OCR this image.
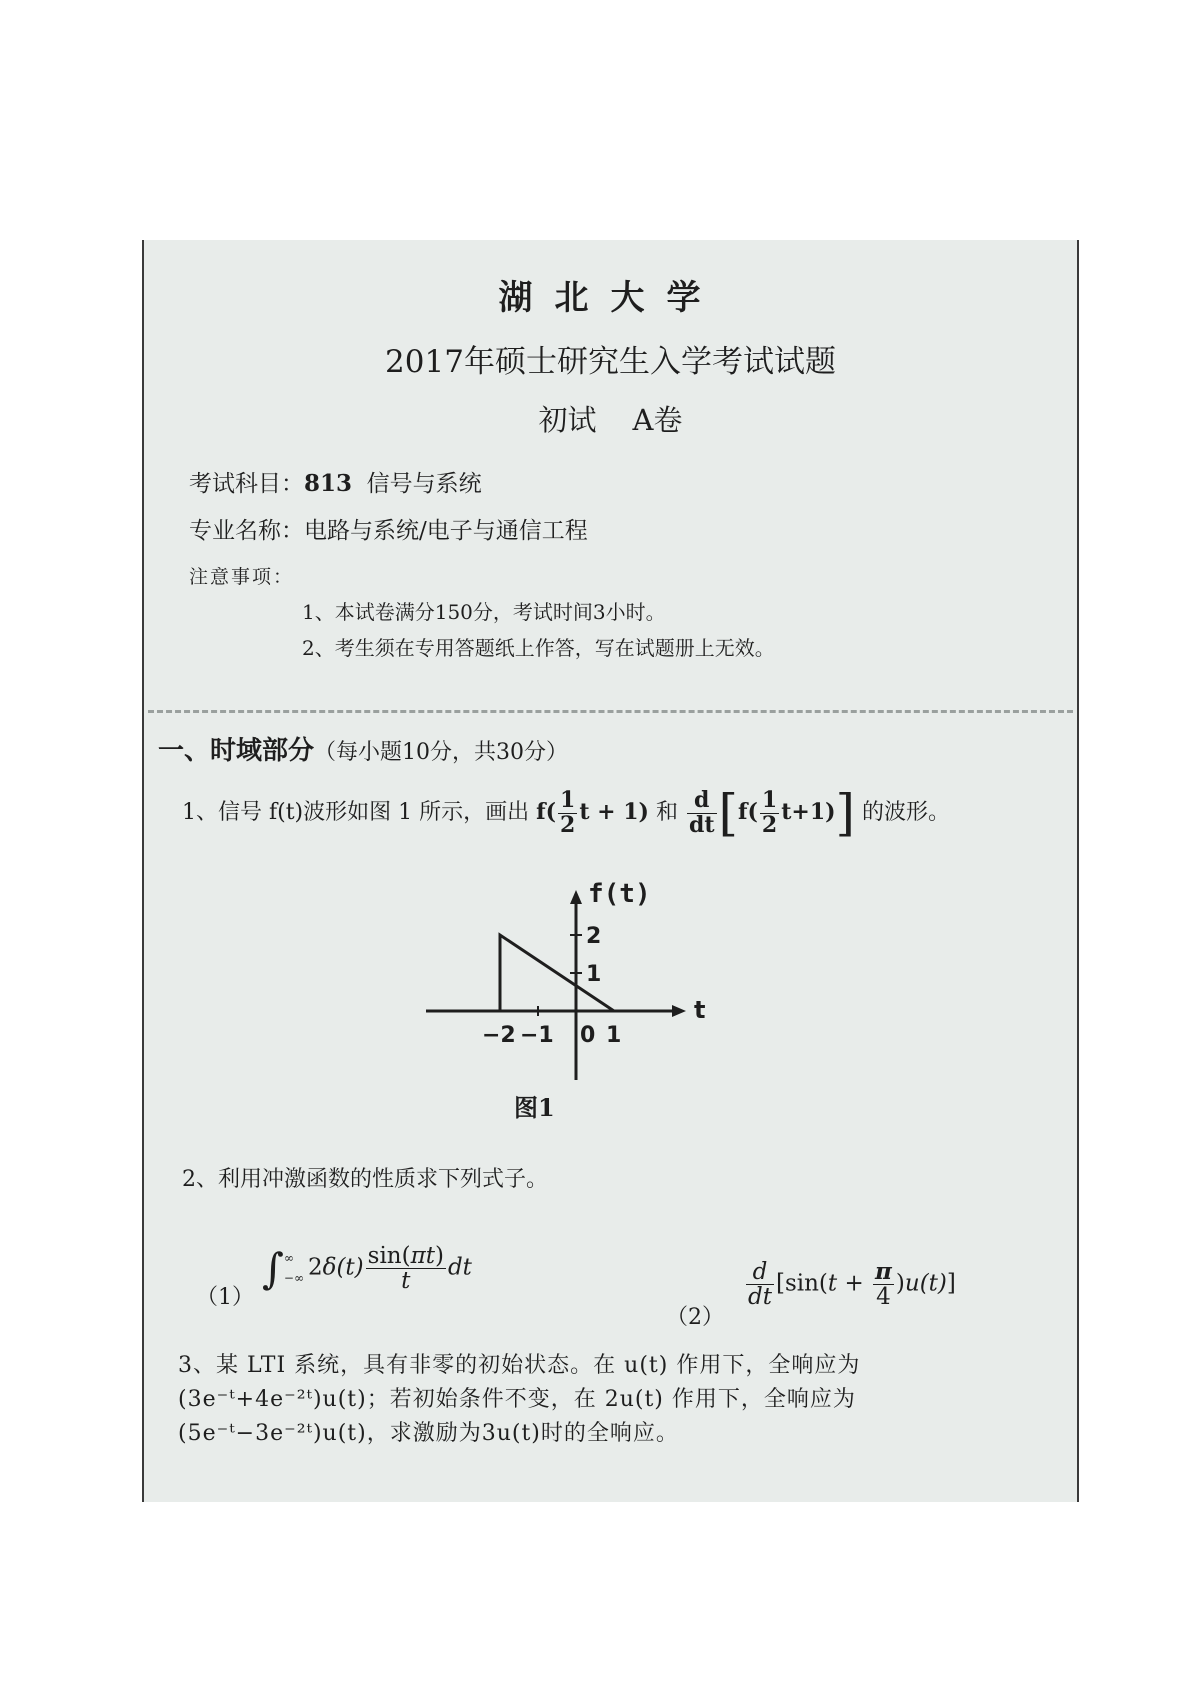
湖北大学
2017年硕士研究生入学考试试题
初试 A卷
考试科目：813 信号与系统
专业名称：电路与系统/电子与通信工程
注意事项：
1、本试卷满分150分，考试时间3小时。
2、考生须在专用答题纸上作答，写在试题册上无效。
一、时域部分（每小题10分，共30分）
1、信号 f(t)波形如图 1 所示，画出 $f( \frac{1}{2}$ t + 1) 和 $\frac{d}{dt} [f( \frac{1}{2} t+1)]$ 的波形。
f(t)
t
2
1
−2 −1 0 1
图1
2、利用冲激函数的性质求下列式子。
（1）
∫∞
−∞ $2\delta(t) \frac{\sin(\pi t)}{t}$ dt
（2）
$\frac{d}{dt} [\sin(t + \frac{\pi}{4} )u(t)]$
3、某 LTI 系统，具有非零的初始状态。在 u(t) 作用下，全响应为
(3e⁻ᵗ+4e⁻²ᵗ)u(t)；若初始条件不变，在 2u(t) 作用下，全响应为
(5e⁻ᵗ−3e⁻²ᵗ)u(t)，求激励为3u(t)时的全响应。
